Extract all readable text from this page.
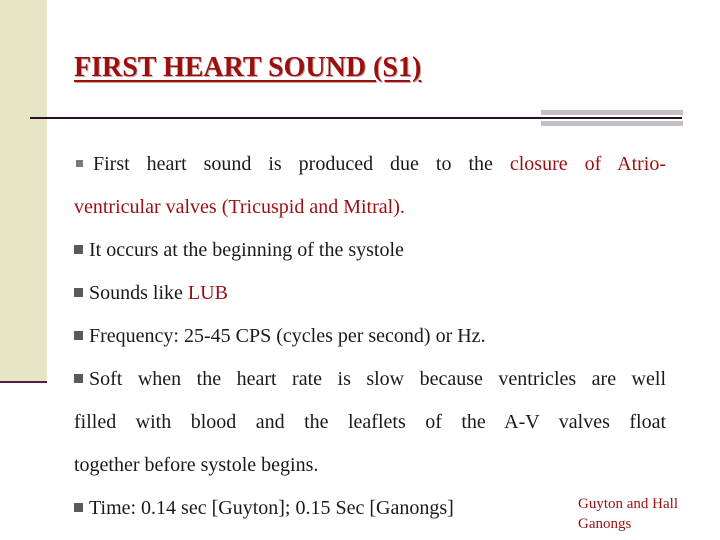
FIRST HEART SOUND (S1)

First heart sound is produced due to the closure of Atrio-

ventricular valves (Tricuspid and Mitral).

It occurs at the beginning of the systole

Sounds like LUB

Frequency: 25-45 CPS (cycles per second) or Hz.

Soft when the heart rate is slow because ventricles are well

filled with blood and the leaflets of the A-V valves float

together before systole begins.

Time: 0.14 sec [Guyton]; 0.15 Sec [Ganongs]	Guyton and Hall
Ganongs
